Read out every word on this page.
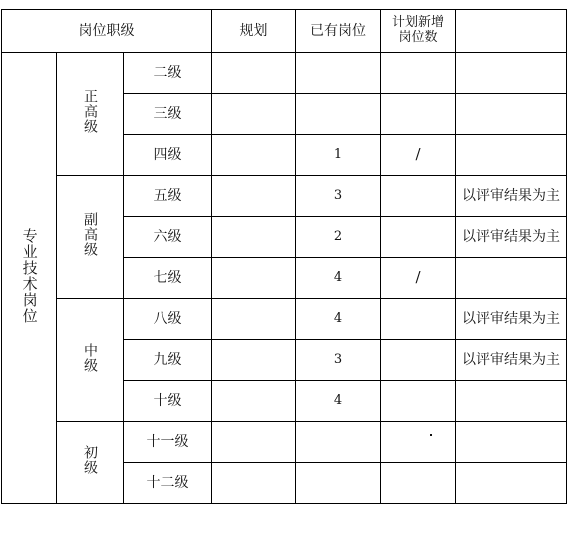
岗位职级			规划	已有岗位	计划新增岗位数	
专业技术岗位	正高级	二级				
		三级				
		四级		1	/	
	副高级	五级		3		以评审结果为主
		六级		2		以评审结果为主
		七级		4	/	
	中级	八级		4		以评审结果为主
		九级		3		以评审结果为主
		十级		4		
	初级	十一级				
		十二级				
